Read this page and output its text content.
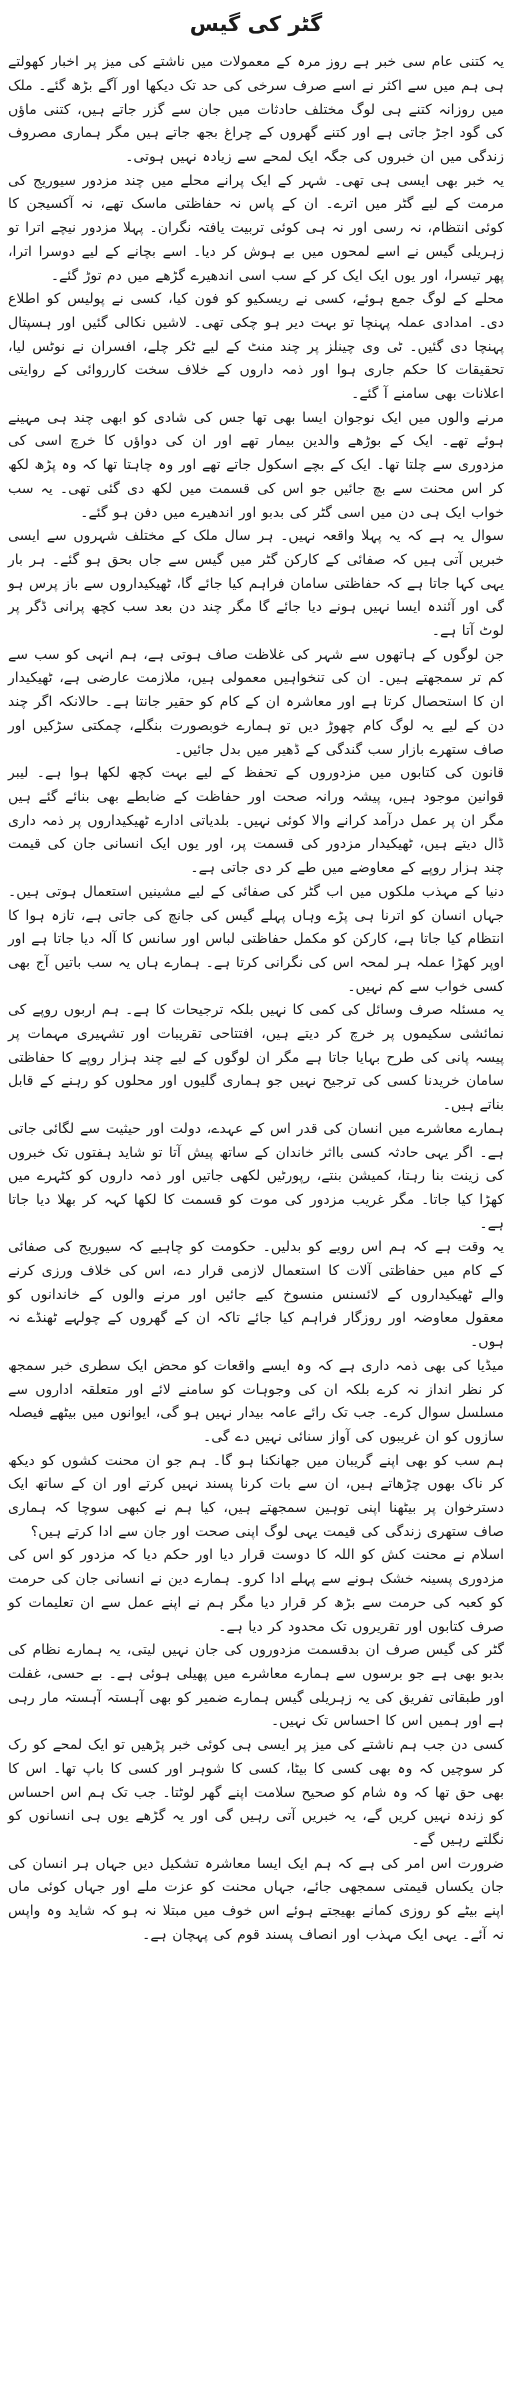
گٹر کی گیس

یہ کتنی عام سی خبر ہے روز مرہ کے معمولات میں ناشتے کی میز پر اخبار کھولتے ہی ہم میں سے اکثر نے اسے صرف سرخی کی حد تک دیکھا اور آگے بڑھ گئے۔ ملک میں روزانہ کتنے ہی لوگ مختلف حادثات میں جان سے گزر جاتے ہیں، کتنی ماؤں کی گود اجڑ جاتی ہے اور کتنے گھروں کے چراغ بجھ جاتے ہیں مگر ہماری مصروف زندگی میں ان خبروں کی جگہ ایک لمحے سے زیادہ نہیں ہوتی۔

یہ خبر بھی ایسی ہی تھی۔ شہر کے ایک پرانے محلے میں چند مزدور سیوریج کی مرمت کے لیے گٹر میں اترے۔ ان کے پاس نہ حفاظتی ماسک تھے، نہ آکسیجن کا کوئی انتظام، نہ رسی اور نہ ہی کوئی تربیت یافتہ نگران۔ پہلا مزدور نیچے اترا تو زہریلی گیس نے اسے لمحوں میں بے ہوش کر دیا۔ اسے بچانے کے لیے دوسرا اترا، پھر تیسرا، اور یوں ایک ایک کر کے سب اسی اندھیرے گڑھے میں دم توڑ گئے۔

محلے کے لوگ جمع ہوئے، کسی نے ریسکیو کو فون کیا، کسی نے پولیس کو اطلاع دی۔ امدادی عملہ پہنچا تو بہت دیر ہو چکی تھی۔ لاشیں نکالی گئیں اور ہسپتال پہنچا دی گئیں۔ ٹی وی چینلز پر چند منٹ کے لیے ٹکر چلے، افسران نے نوٹس لیا، تحقیقات کا حکم جاری ہوا اور ذمہ داروں کے خلاف سخت کارروائی کے روایتی اعلانات بھی سامنے آ گئے۔

مرنے والوں میں ایک نوجوان ایسا بھی تھا جس کی شادی کو ابھی چند ہی مہینے ہوئے تھے۔ ایک کے بوڑھے والدین بیمار تھے اور ان کی دواؤں کا خرچ اسی کی مزدوری سے چلتا تھا۔ ایک کے بچے اسکول جاتے تھے اور وہ چاہتا تھا کہ وہ پڑھ لکھ کر اس محنت سے بچ جائیں جو اس کی قسمت میں لکھ دی گئی تھی۔ یہ سب خواب ایک ہی دن میں اسی گٹر کی بدبو اور اندھیرے میں دفن ہو گئے۔

سوال یہ ہے کہ یہ پہلا واقعہ نہیں۔ ہر سال ملک کے مختلف شہروں سے ایسی خبریں آتی ہیں کہ صفائی کے کارکن گٹر میں گیس سے جاں بحق ہو گئے۔ ہر بار یہی کہا جاتا ہے کہ حفاظتی سامان فراہم کیا جائے گا، ٹھیکیداروں سے باز پرس ہو گی اور آئندہ ایسا نہیں ہونے دیا جائے گا مگر چند دن بعد سب کچھ پرانی ڈگر پر لوٹ آتا ہے۔

جن لوگوں کے ہاتھوں سے شہر کی غلاظت صاف ہوتی ہے، ہم انہی کو سب سے کم تر سمجھتے ہیں۔ ان کی تنخواہیں معمولی ہیں، ملازمت عارضی ہے، ٹھیکیدار ان کا استحصال کرتا ہے اور معاشرہ ان کے کام کو حقیر جانتا ہے۔ حالانکہ اگر چند دن کے لیے یہ لوگ کام چھوڑ دیں تو ہمارے خوبصورت بنگلے، چمکتی سڑکیں اور صاف ستھرے بازار سب گندگی کے ڈھیر میں بدل جائیں۔

قانون کی کتابوں میں مزدوروں کے تحفظ کے لیے بہت کچھ لکھا ہوا ہے۔ لیبر قوانین موجود ہیں، پیشہ ورانہ صحت اور حفاظت کے ضابطے بھی بنائے گئے ہیں مگر ان پر عمل درآمد کرانے والا کوئی نہیں۔ بلدیاتی ادارے ٹھیکیداروں پر ذمہ داری ڈال دیتے ہیں، ٹھیکیدار مزدور کی قسمت پر، اور یوں ایک انسانی جان کی قیمت چند ہزار روپے کے معاوضے میں طے کر دی جاتی ہے۔

دنیا کے مہذب ملکوں میں اب گٹر کی صفائی کے لیے مشینیں استعمال ہوتی ہیں۔ جہاں انسان کو اترنا ہی پڑے وہاں پہلے گیس کی جانچ کی جاتی ہے، تازہ ہوا کا انتظام کیا جاتا ہے، کارکن کو مکمل حفاظتی لباس اور سانس کا آلہ دیا جاتا ہے اور اوپر کھڑا عملہ ہر لمحہ اس کی نگرانی کرتا ہے۔ ہمارے ہاں یہ سب باتیں آج بھی کسی خواب سے کم نہیں۔

یہ مسئلہ صرف وسائل کی کمی کا نہیں بلکہ ترجیحات کا ہے۔ ہم اربوں روپے کی نمائشی سکیموں پر خرچ کر دیتے ہیں، افتتاحی تقریبات اور تشہیری مہمات پر پیسہ پانی کی طرح بہایا جاتا ہے مگر ان لوگوں کے لیے چند ہزار روپے کا حفاظتی سامان خریدنا کسی کی ترجیح نہیں جو ہماری گلیوں اور محلوں کو رہنے کے قابل بناتے ہیں۔

ہمارے معاشرے میں انسان کی قدر اس کے عہدے، دولت اور حیثیت سے لگائی جاتی ہے۔ اگر یہی حادثہ کسی بااثر خاندان کے ساتھ پیش آتا تو شاید ہفتوں تک خبروں کی زینت بنا رہتا، کمیشن بنتے، رپورٹیں لکھی جاتیں اور ذمہ داروں کو کٹہرے میں کھڑا کیا جاتا۔ مگر غریب مزدور کی موت کو قسمت کا لکھا کہہ کر بھلا دیا جاتا ہے۔

یہ وقت ہے کہ ہم اس رویے کو بدلیں۔ حکومت کو چاہیے کہ سیوریج کی صفائی کے کام میں حفاظتی آلات کا استعمال لازمی قرار دے، اس کی خلاف ورزی کرنے والے ٹھیکیداروں کے لائسنس منسوخ کیے جائیں اور مرنے والوں کے خاندانوں کو معقول معاوضہ اور روزگار فراہم کیا جائے تاکہ ان کے گھروں کے چولہے ٹھنڈے نہ ہوں۔

میڈیا کی بھی ذمہ داری ہے کہ وہ ایسے واقعات کو محض ایک سطری خبر سمجھ کر نظر انداز نہ کرے بلکہ ان کی وجوہات کو سامنے لائے اور متعلقہ اداروں سے مسلسل سوال کرے۔ جب تک رائے عامہ بیدار نہیں ہو گی، ایوانوں میں بیٹھے فیصلہ سازوں کو ان غریبوں کی آواز سنائی نہیں دے گی۔

ہم سب کو بھی اپنے گریبان میں جھانکنا ہو گا۔ ہم جو ان محنت کشوں کو دیکھ کر ناک بھوں چڑھاتے ہیں، ان سے بات کرنا پسند نہیں کرتے اور ان کے ساتھ ایک دسترخوان پر بیٹھنا اپنی توہین سمجھتے ہیں، کیا ہم نے کبھی سوچا کہ ہماری صاف ستھری زندگی کی قیمت یہی لوگ اپنی صحت اور جان سے ادا کرتے ہیں؟

اسلام نے محنت کش کو اللہ کا دوست قرار دیا اور حکم دیا کہ مزدور کو اس کی مزدوری پسینہ خشک ہونے سے پہلے ادا کرو۔ ہمارے دین نے انسانی جان کی حرمت کو کعبہ کی حرمت سے بڑھ کر قرار دیا مگر ہم نے اپنے عمل سے ان تعلیمات کو صرف کتابوں اور تقریروں تک محدود کر دیا ہے۔

گٹر کی گیس صرف ان بدقسمت مزدوروں کی جان نہیں لیتی، یہ ہمارے نظام کی بدبو بھی ہے جو برسوں سے ہمارے معاشرے میں پھیلی ہوئی ہے۔ بے حسی، غفلت اور طبقاتی تفریق کی یہ زہریلی گیس ہمارے ضمیر کو بھی آہستہ آہستہ مار رہی ہے اور ہمیں اس کا احساس تک نہیں۔

کسی دن جب ہم ناشتے کی میز پر ایسی ہی کوئی خبر پڑھیں تو ایک لمحے کو رک کر سوچیں کہ وہ بھی کسی کا بیٹا، کسی کا شوہر اور کسی کا باپ تھا۔ اس کا بھی حق تھا کہ وہ شام کو صحیح سلامت اپنے گھر لوٹتا۔ جب تک ہم اس احساس کو زندہ نہیں کریں گے، یہ خبریں آتی رہیں گی اور یہ گڑھے یوں ہی انسانوں کو نگلتے رہیں گے۔

ضرورت اس امر کی ہے کہ ہم ایک ایسا معاشرہ تشکیل دیں جہاں ہر انسان کی جان یکساں قیمتی سمجھی جائے، جہاں محنت کو عزت ملے اور جہاں کوئی ماں اپنے بیٹے کو روزی کمانے بھیجتے ہوئے اس خوف میں مبتلا نہ ہو کہ شاید وہ واپس نہ آئے۔ یہی ایک مہذب اور انصاف پسند قوم کی پہچان ہے۔
